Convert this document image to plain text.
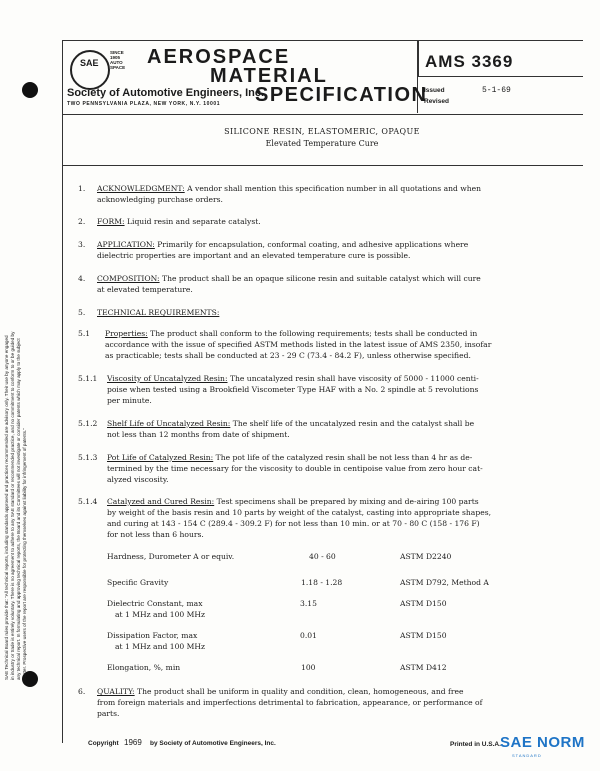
SAE Technical Board rules provide that: "All technical reports, including standards approved and practices recommended are advisory only. Their use by anyone engaged in industry or trade is entirely voluntary. There is no agreement to adhere to any SAE standard or recommended practice, and no commitment to conform to or be guided by any technical report. In formulating and approving technical reports, the Board and its Committees will not investigate or consider patents which may apply to the subject matter. Prospective users of the report are responsible for protecting themselves against liability for infringement of patents."
SAE
SINCE
1905
AUTO
SPACE AEROSPACE
MATERIAL
SPECIFICATION
Society of Automotive Engineers, Inc.
TWO PENNSYLVANIA PLAZA, NEW YORK, N.Y. 10001
AMS 3369
Issued	5-1-69
Revised
SILICONE RESIN, ELASTOMERIC, OPAQUE
Elevated Temperature Cure
1. ACKNOWLEDGMENT: A vendor shall mention this specification number in all quotations and when
acknowledging purchase orders.
2. FORM: Liquid resin and separate catalyst.
3. APPLICATION: Primarily for encapsulation, conformal coating, and adhesive applications where
dielectric properties are important and an elevated temperature cure is possible.
4. COMPOSITION: The product shall be an opaque silicone resin and suitable catalyst which will cure
at elevated temperature.
5. TECHNICAL REQUIREMENTS:
5.1 Properties: The product shall conform to the following requirements; tests shall be conducted in
accordance with the issue of specified ASTM methods listed in the latest issue of AMS 2350, insofar
as practicable; tests shall be conducted at 23 - 29 C (73.4 - 84.2 F), unless otherwise specified.
5.1.1 Viscosity of Uncatalyzed Resin: The uncatalyzed resin shall have viscosity of 5000 - 11000 centi-
poise when tested using a Brookfield Viscometer Type HAF with a No. 2 spindle at 5 revolutions
per minute.
5.1.2 Shelf Life of Uncatalyzed Resin: The shelf life of the uncatalyzed resin and the catalyst shall be
not less than 12 months from date of shipment.
5.1.3 Pot Life of Catalyzed Resin: The pot life of the catalyzed resin shall be not less than 4 hr as de-
termined by the time necessary for the viscosity to double in centipoise value from zero hour cat-
alyzed viscosity.
5.1.4 Catalyzed and Cured Resin: Test specimens shall be prepared by mixing and de-airing 100 parts
by weight of the basis resin and 10 parts by weight of the catalyst, casting into appropriate shapes,
and curing at 143 - 154 C (289.4 - 309.2 F) for not less than 10 min. or at 70 - 80 C (158 - 176 F)
for not less than 6 hours.
Hardness, Durometer A or equiv.	40 - 60	ASTM D2240
Specific Gravity	1.18 - 1.28	ASTM D792, Method A
Dielectric Constant, max
at 1 MHz and 100 MHz
3.15	ASTM D150
Dissipation Factor, max
at 1 MHz and 100 MHz
0.01	ASTM D150
Elongation, %, min	100	ASTM D412
6. QUALITY: The product shall be uniform in quality and condition, clean, homogeneous, and free
from foreign materials and imperfections detrimental to fabrication, appearance, or performance of
parts.
Copyright 1969 by Society of Automotive Engineers, Inc.	Printed in U.S.A. SAE NORM
STANDARD
